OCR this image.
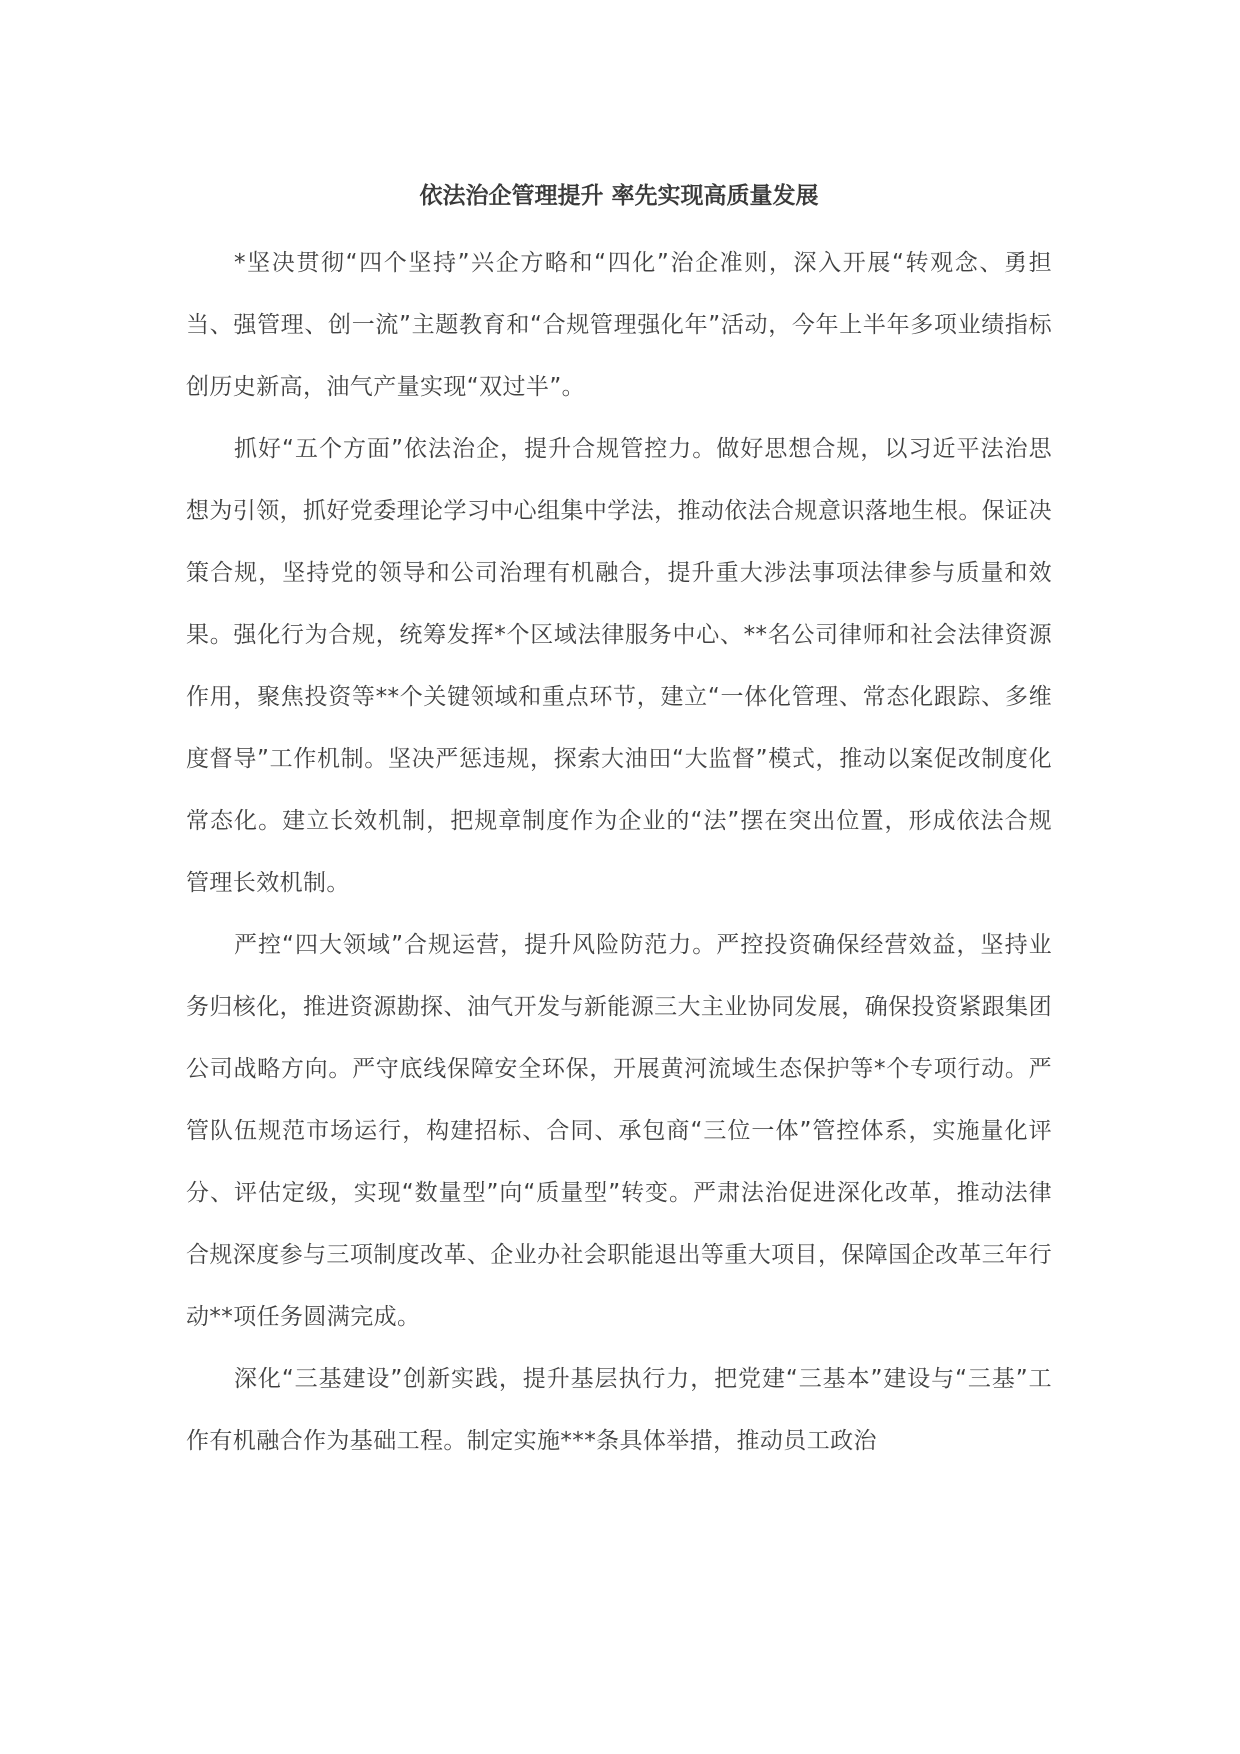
依法治企管理提升 率先实现高质量发展

*坚决贯彻“四个坚持”兴企方略和“四化”治企准则，深入开展“转观念、勇担当、强管理、创一流”主题教育和“合规管理强化年”活动，今年上半年多项业绩指标创历史新高，油气产量实现“双过半”。

抓好“五个方面”依法治企，提升合规管控力。做好思想合规，以习近平法治思想为引领，抓好党委理论学习中心组集中学法，推动依法合规意识落地生根。保证决策合规，坚持党的领导和公司治理有机融合，提升重大涉法事项法律参与质量和效果。强化行为合规，统筹发挥*个区域法律服务中心、**名公司律师和社会法律资源作用，聚焦投资等**个关键领域和重点环节，建立“一体化管理、常态化跟踪、多维度督导”工作机制。坚决严惩违规，探索大油田“大监督”模式，推动以案促改制度化常态化。建立长效机制，把规章制度作为企业的“法”摆在突出位置，形成依法合规管理长效机制。

严控“四大领域”合规运营，提升风险防范力。严控投资确保经营效益，坚持业务归核化，推进资源勘探、油气开发与新能源三大主业协同发展，确保投资紧跟集团公司战略方向。严守底线保障安全环保，开展黄河流域生态保护等*个专项行动。严管队伍规范市场运行，构建招标、合同、承包商“三位一体”管控体系，实施量化评分、评估定级，实现“数量型”向“质量型”转变。严肃法治促进深化改革，推动法律合规深度参与三项制度改革、企业办社会职能退出等重大项目，保障国企改革三年行动**项任务圆满完成。

深化“三基建设”创新实践，提升基层执行力，把党建“三基本”建设与“三基”工作有机融合作为基础工程。制定实施***条具体举措，推动员工政治
